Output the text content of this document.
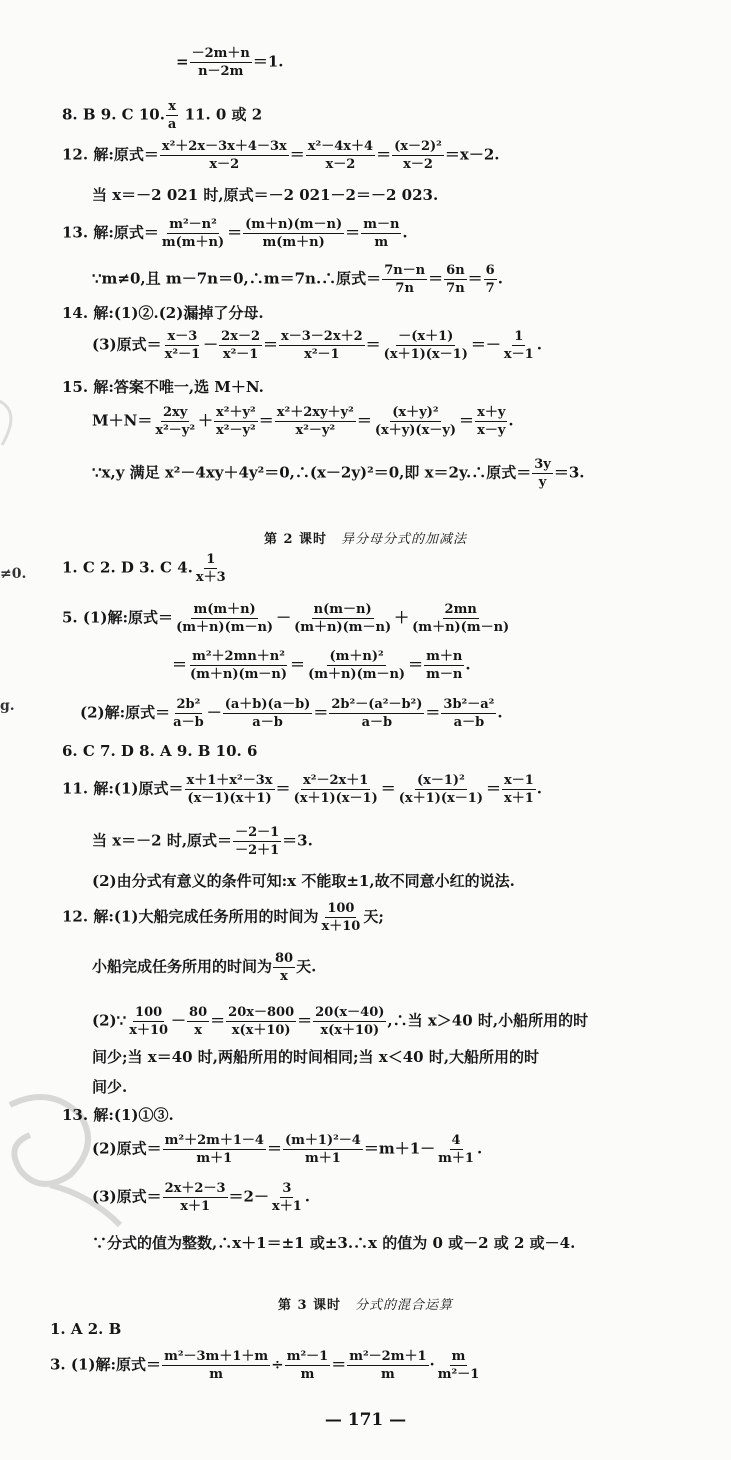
≠0.
g.
= $\frac{-2m+n}{n-2m} =1$.
8. B 9. C 10. $\frac{x}{a} 11$. 0 或 2
12. 解:原式＝ $\frac{\text{x²＋2x－3x＋4－3x}}{x-2} = \frac{\text{x²－4x＋4}}{x-2} = \frac{\text{(x－2)²}}{x-2} =x-2$.
当 x＝－2 021 时,原式＝－2 021－2＝－2 023.
13. 解:原式＝ $\frac{\text{m²－n²}}{m(m+n)} = \frac{(m+n)(m-n)}{m(m+n)} = \frac{m-n}{m}$ .
∵m≠0,且 m－7n＝0,∴m＝7n.∴原式＝ $\frac{7n-n}{7n} = \frac{6n}{7n} = \frac{6}{7}$ .
14. 解:(1)②.(2)漏掉了分母.
(3)原式＝ $\frac{x-3}{\text{x²－1}} - \frac{2x-2}{\text{x²－1}} = \frac{x-3-2x+2}{\text{x²－1}} = \frac{-(x+1)}{(x+1)(x-1)} =- \frac{1}{x-1}$ .
15. 解:答案不唯一,选 M＋N.
$M+N= \frac{2xy}{\text{x²－y²}} + \frac{\text{x²＋y²}}{\text{x²－y²}} = \frac{\text{x²＋2xy＋y²}}{\text{x²－y²}} = \frac{\text{(x＋y)²}}{(x+y)(x-y)} = \frac{x+y}{x-y}$ .
∵x,y 满足 x²－4xy＋4y²＝0,∴(x－2y)²＝0,即 x＝2y.∴原式＝ $\frac{3y}{y} =3$.
第 2 课时 异分母分式的加减法
1. C 2. D 3. C 4. $\frac{1}{x+3}$
5. (1)解:原式＝ $\frac{m(m+n)}{(m+n)(m-n)} - \frac{n(m-n)}{(m+n)(m-n)} + \frac{2mn}{(m+n)(m-n)}$
＝ $\frac{\text{m²＋2mn＋n²}}{(m+n)(m-n)} = \frac{\text{(m＋n)²}}{(m+n)(m-n)} = \frac{m+n}{m-n}$ .
(2)解:原式＝ $\frac{\text{2b²}}{a-b} - \frac{(a+b)(a-b)}{a-b} = \frac{\text{2b²－(a²－b²)}}{a-b} = \frac{\text{3b²－a²}}{a-b}$ .
6. C 7. D 8. A 9. B 10. 6
11. 解:(1)原式＝ $\frac{\text{x＋1＋x²－3x}}{(x-1)(x+1)} = \frac{\text{x²－2x＋1}}{(x+1)(x-1)} = \frac{\text{(x－1)²}}{(x+1)(x-1)} = \frac{x-1}{x+1}$ .
当 x＝－2 时,原式＝ $\frac{-2-1}{-2+1} =3$.
(2)由分式有意义的条件可知:x 不能取±1,故不同意小红的说法.
12. 解:(1)大船完成任务所用的时间为 $\frac{100}{x+10}$ 天;
小船完成任务所用的时间为 $\frac{80}{x}$ 天.
(2)∵ $\frac{100}{x+10} - \frac{80}{x} = \frac{20x-800}{x(x+10)} = \frac{20(x-40)}{x(x+10)}$ ,∴当 x＞40 时,小船所用的时
间少;当 x＝40 时,两船所用的时间相同;当 x＜40 时,大船所用的时
间少.
13. 解:(1)①③.
(2)原式＝ $\frac{\text{m²＋2m＋1－4}}{m+1} = \frac{\text{(m＋1)²－4}}{m+1} =m+1- \frac{4}{m+1}$ .
(3)原式＝ $\frac{2x+2-3}{x+1} =2- \frac{3}{x+1}$ .
∵分式的值为整数,∴x＋1＝±1 或±3.∴x 的值为 0 或－2 或 2 或－4.
第 3 课时 分式的混合运算
1. A 2. B
3. (1)解:原式＝ $\frac{\text{m²－3m＋1＋m}}{m} \div \frac{\text{m²－1}}{m} = \frac{\text{m²－2m＋1}}{m} \cdot \frac{m}{\text{m²－1}}$
— 171 —
